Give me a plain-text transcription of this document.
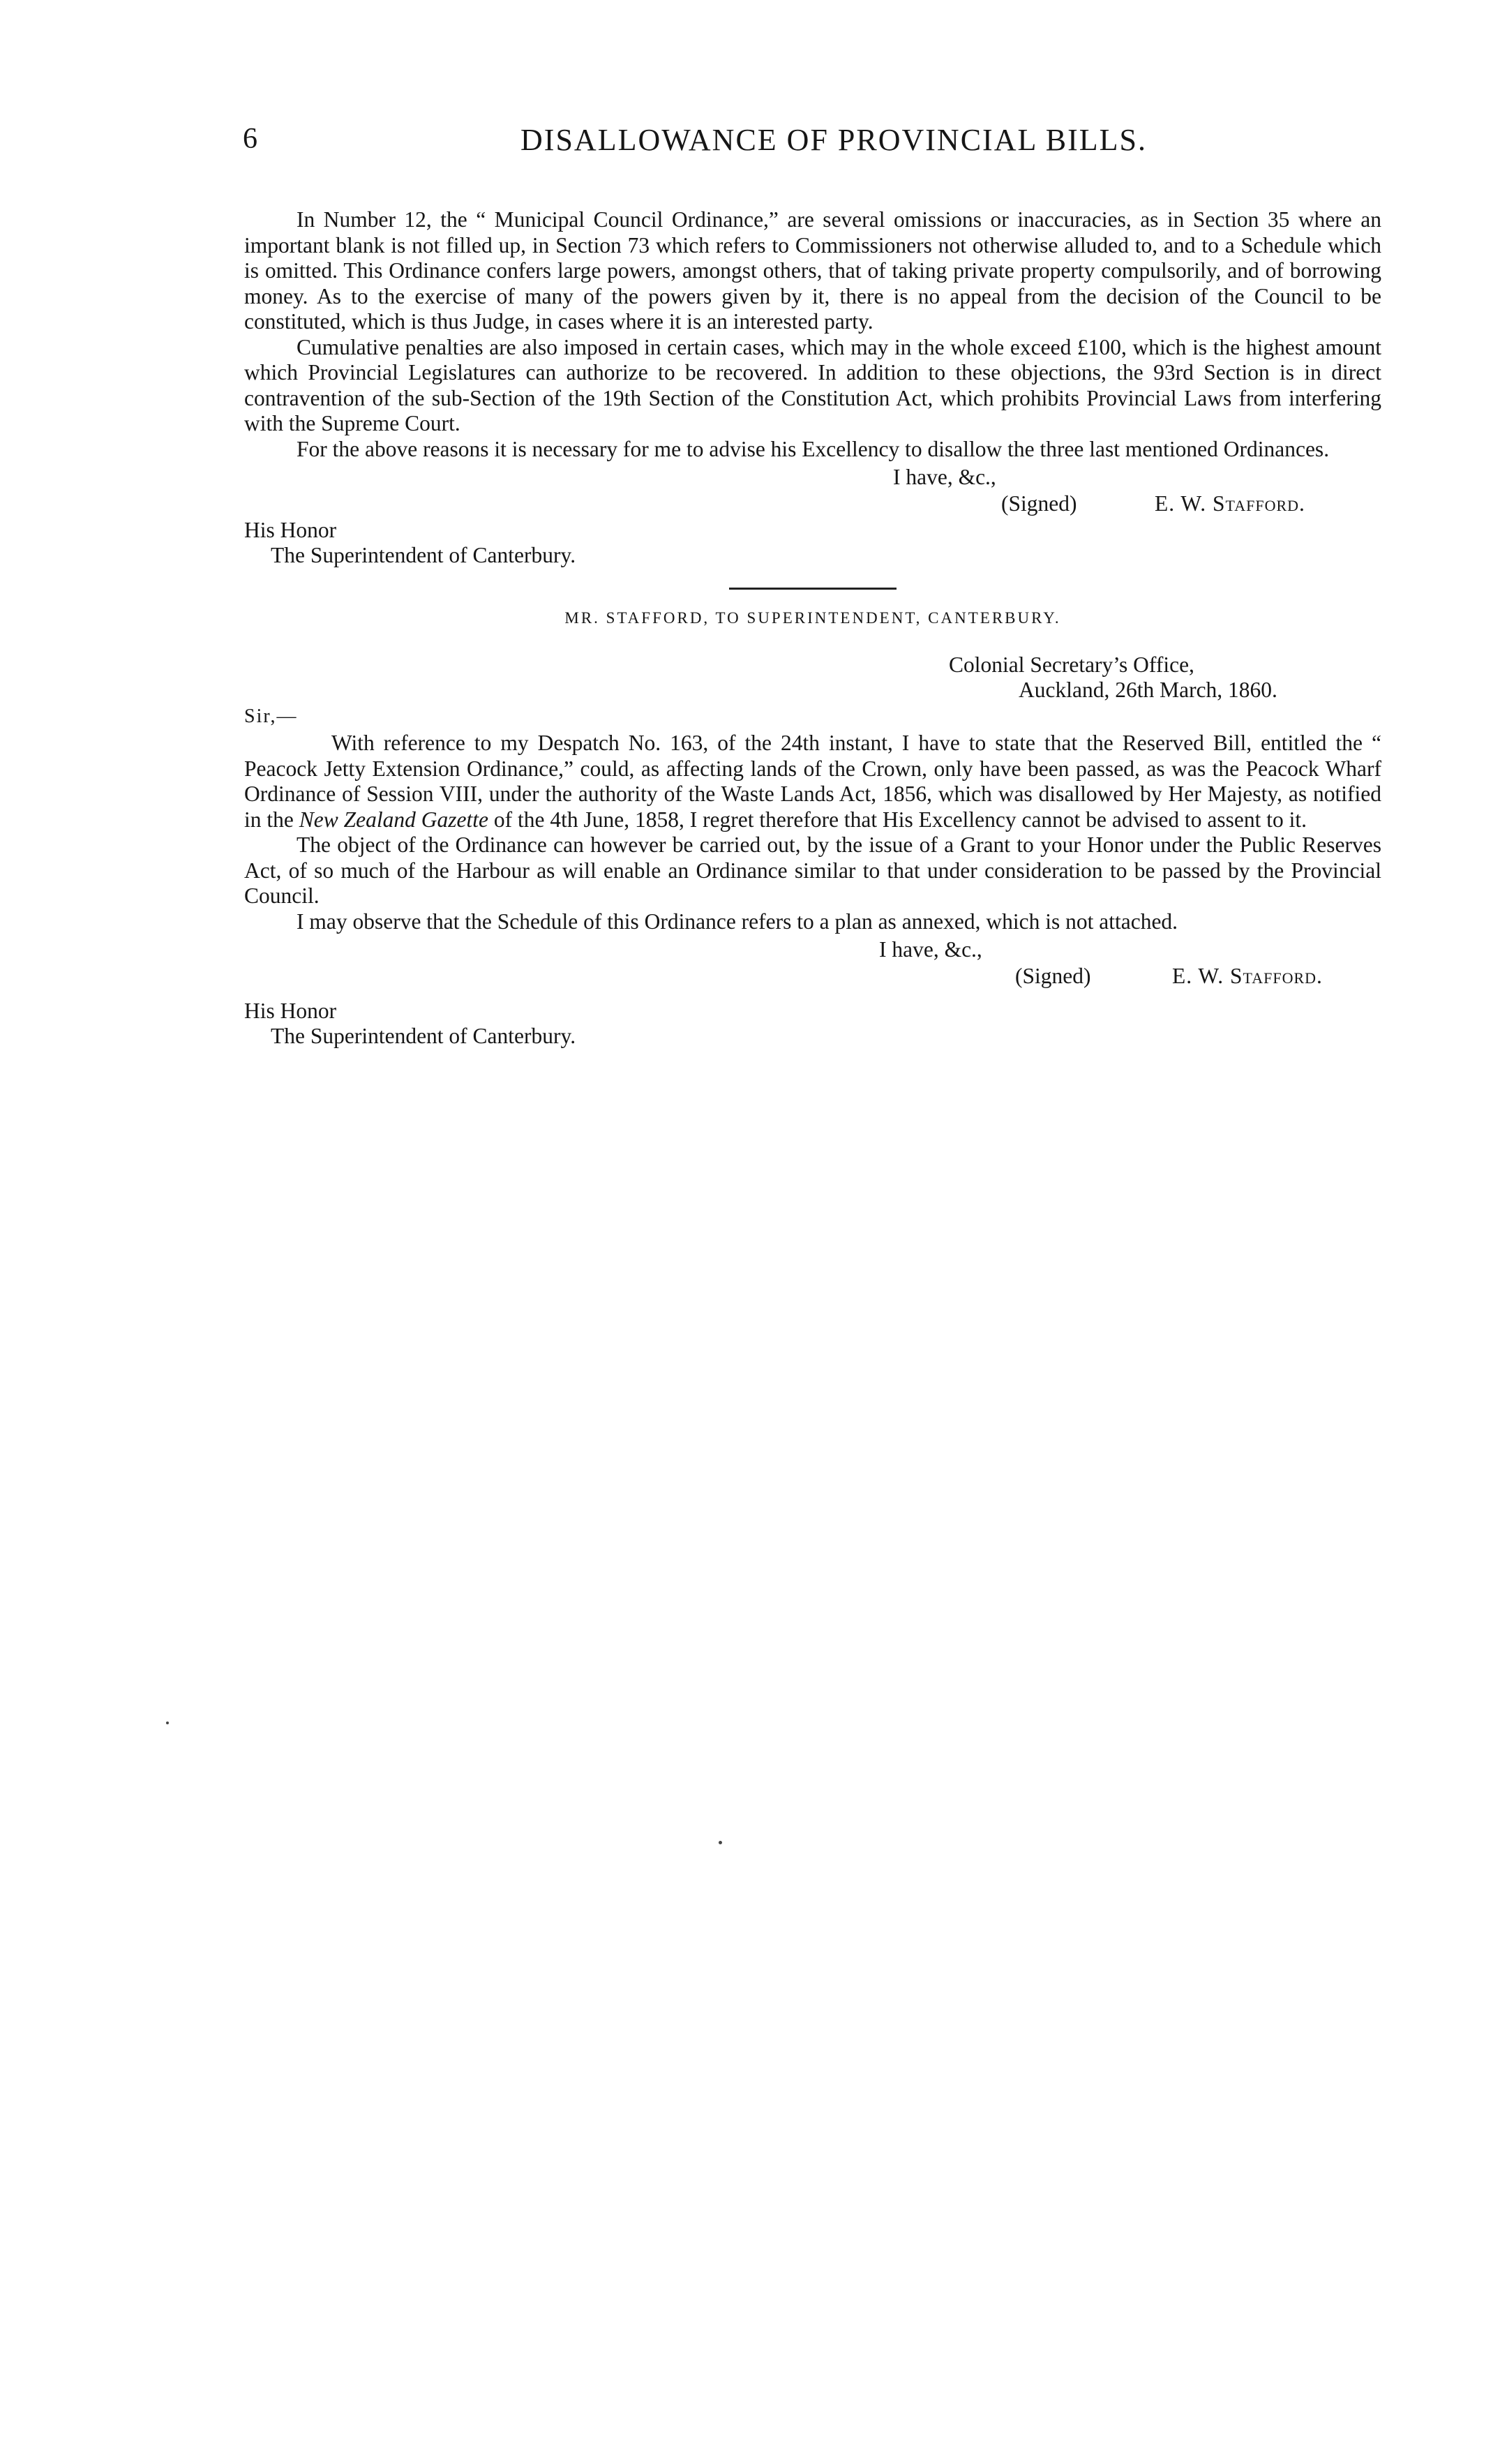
6	DISALLOWANCE OF PROVINCIAL BILLS.

In Number 12, the “ Municipal Council Ordinance,” are several omissions or inaccuracies, as in Section 35 where an important blank is not filled up, in Section 73 which refers to Commissioners not otherwise alluded to, and to a Schedule which is omitted. This Ordinance confers large powers, amongst others, that of taking private property compulsorily, and of borrowing money. As to the exercise of many of the powers given by it, there is no appeal from the decision of the Council to be constituted, which is thus Judge, in cases where it is an interested party.

Cumulative penalties are also imposed in certain cases, which may in the whole exceed £100, which is the highest amount which Provincial Legislatures can authorize to be recovered. In addition to these objections, the 93rd Section is in direct contravention of the sub-Section of the 19th Section of the Constitution Act, which prohibits Provincial Laws from interfering with the Supreme Court.

For the above reasons it is necessary for me to advise his Excellency to disallow the three last mentioned Ordinances.

I have, &c.,
(Signed)	E. W. Stafford.
His Honor
The Superintendent of Canterbury.
MR. STAFFORD, TO SUPERINTENDENT, CANTERBURY.
Colonial Secretary’s Office,
Auckland, 26th March, 1860.
Sir,—

With reference to my Despatch No. 163, of the 24th instant, I have to state that the Reserved Bill, entitled the “ Peacock Jetty Extension Ordinance,” could, as affecting lands of the Crown, only have been passed, as was the Peacock Wharf Ordinance of Session VIII, under the authority of the Waste Lands Act, 1856, which was disallowed by Her Majesty, as notified in the New Zealand Gazette of the 4th June, 1858, I regret therefore that His Excellency cannot be advised to assent to it.

The object of the Ordinance can however be carried out, by the issue of a Grant to your Honor under the Public Reserves Act, of so much of the Harbour as will enable an Ordinance similar to that under consideration to be passed by the Provincial Council.

I may observe that the Schedule of this Ordinance refers to a plan as annexed, which is not attached.

I have, &c.,
(Signed)	E. W. Stafford.
His Honor
The Superintendent of Canterbury.
